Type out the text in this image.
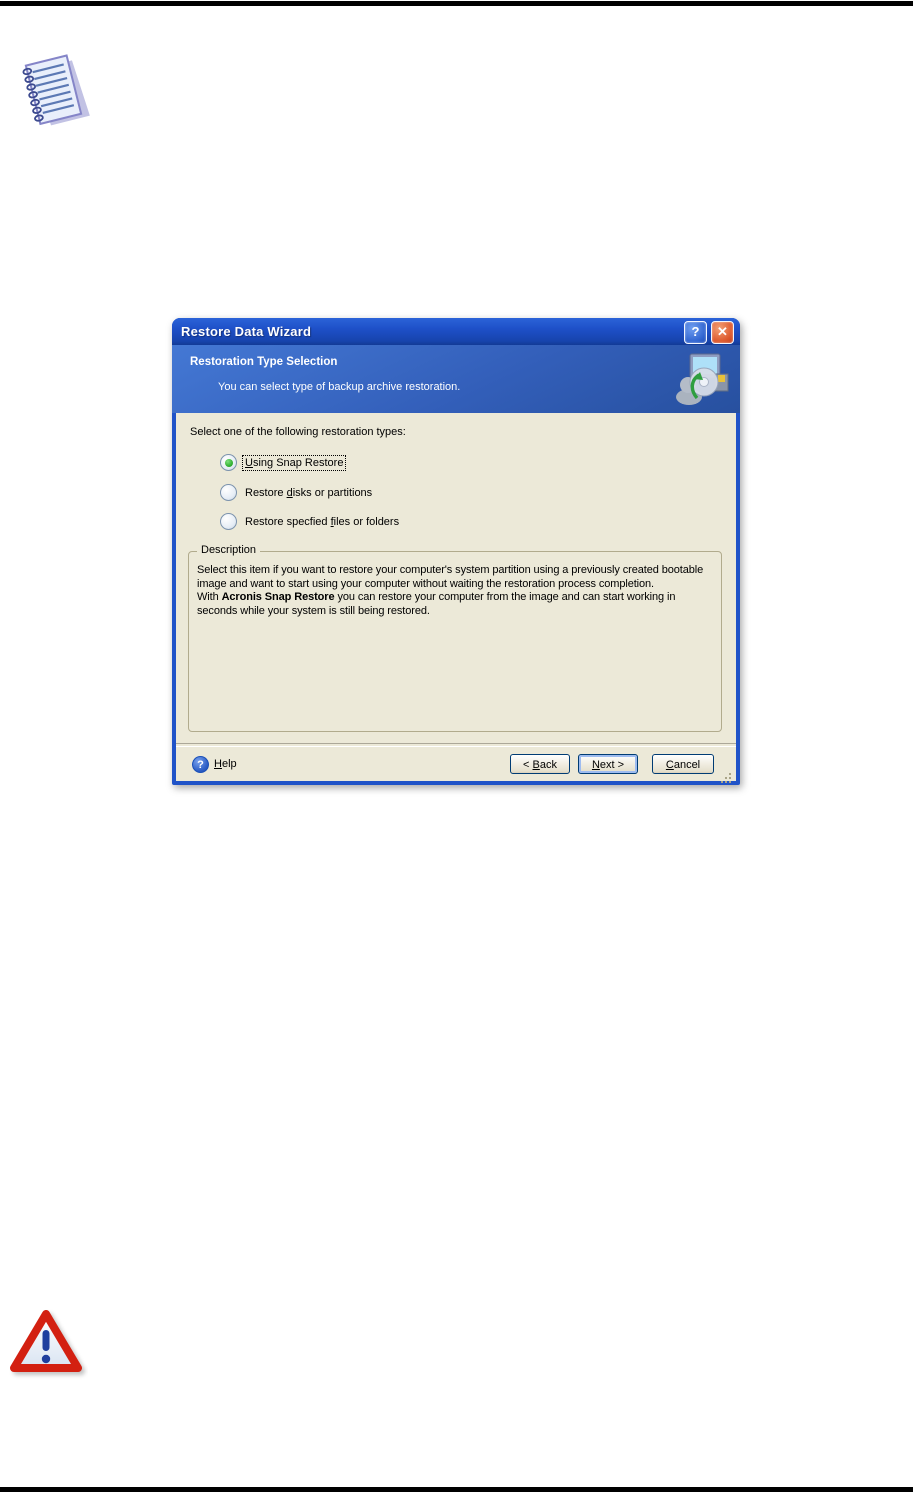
Restore Data Wizard	?	✕
Restoration Type Selection
You can select type of backup archive restoration.
Select one of the following restoration types:
Using Snap Restore
Restore disks or partitions
Restore specfied files or folders
Description

Select this item if you want to restore your computer's system partition using a previously created bootable image and want to start using your computer without waiting the restoration process completion.

With Acronis Snap Restore you can restore your computer from the image and can start working in seconds while your system is still being restored.

? Help	< Back	Next >	Cancel
